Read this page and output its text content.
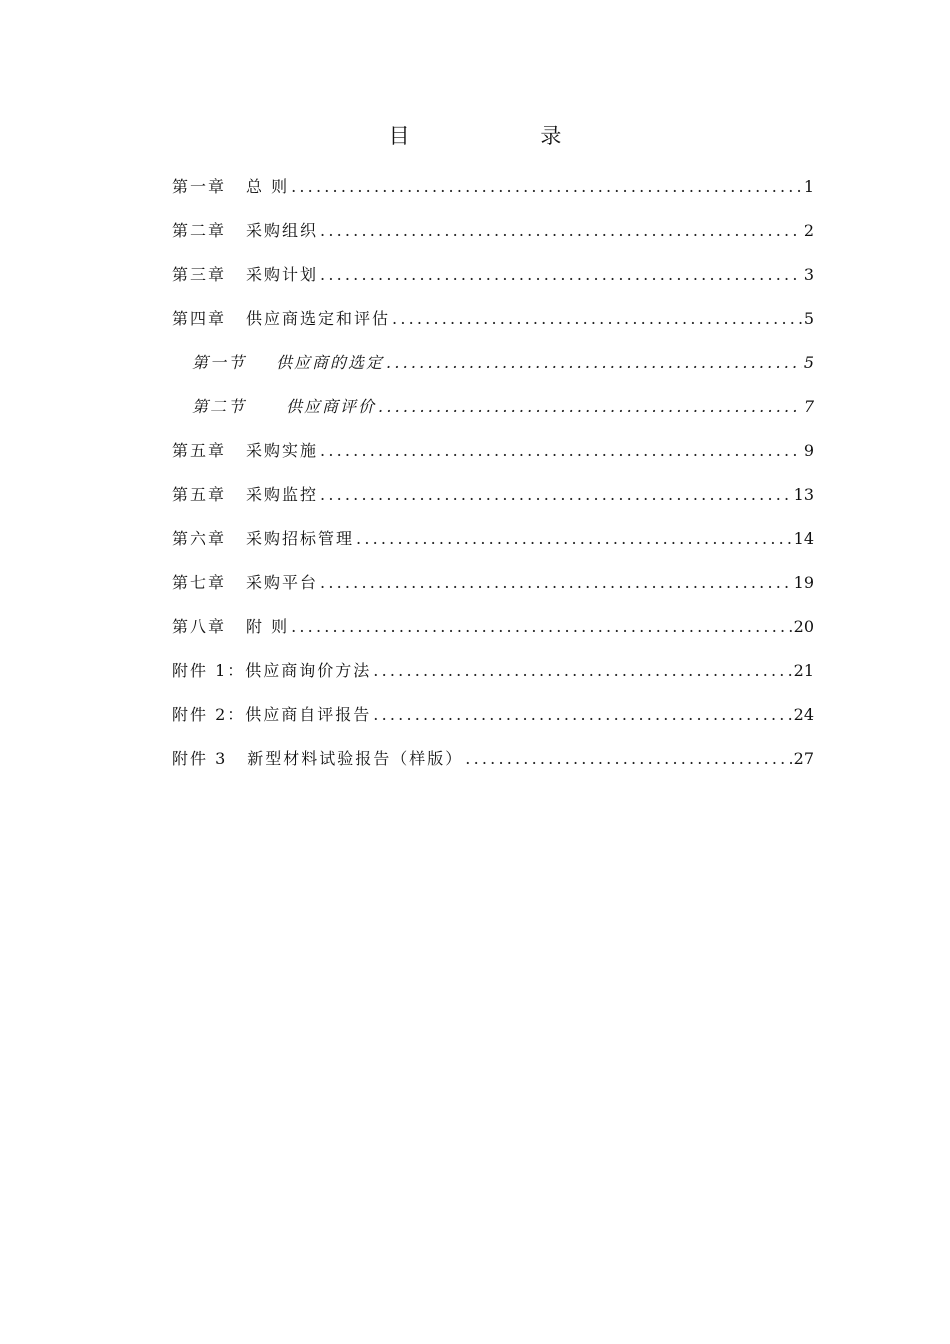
目 录
第一章 总 则 .....	1
第二章 采购组织 .....	2
第三章 采购计划 .....	3
第四章 供应商选定和评估 .....	5
第一节 供应商的选定 .....	5
第二节	供应商评价 .....	7
第五章 采购实施 .....	9
第五章 采购监控 .....	13
第六章 采购招标管理 .....	14
第七章 采购平台 .....	19
第八章 附 则 .....	20
附件 1： 供应商询价方法 .....	21
附件 2： 供应商自评报告 .....	24
附件 3 新型材料试验报告（样版） .....	27
